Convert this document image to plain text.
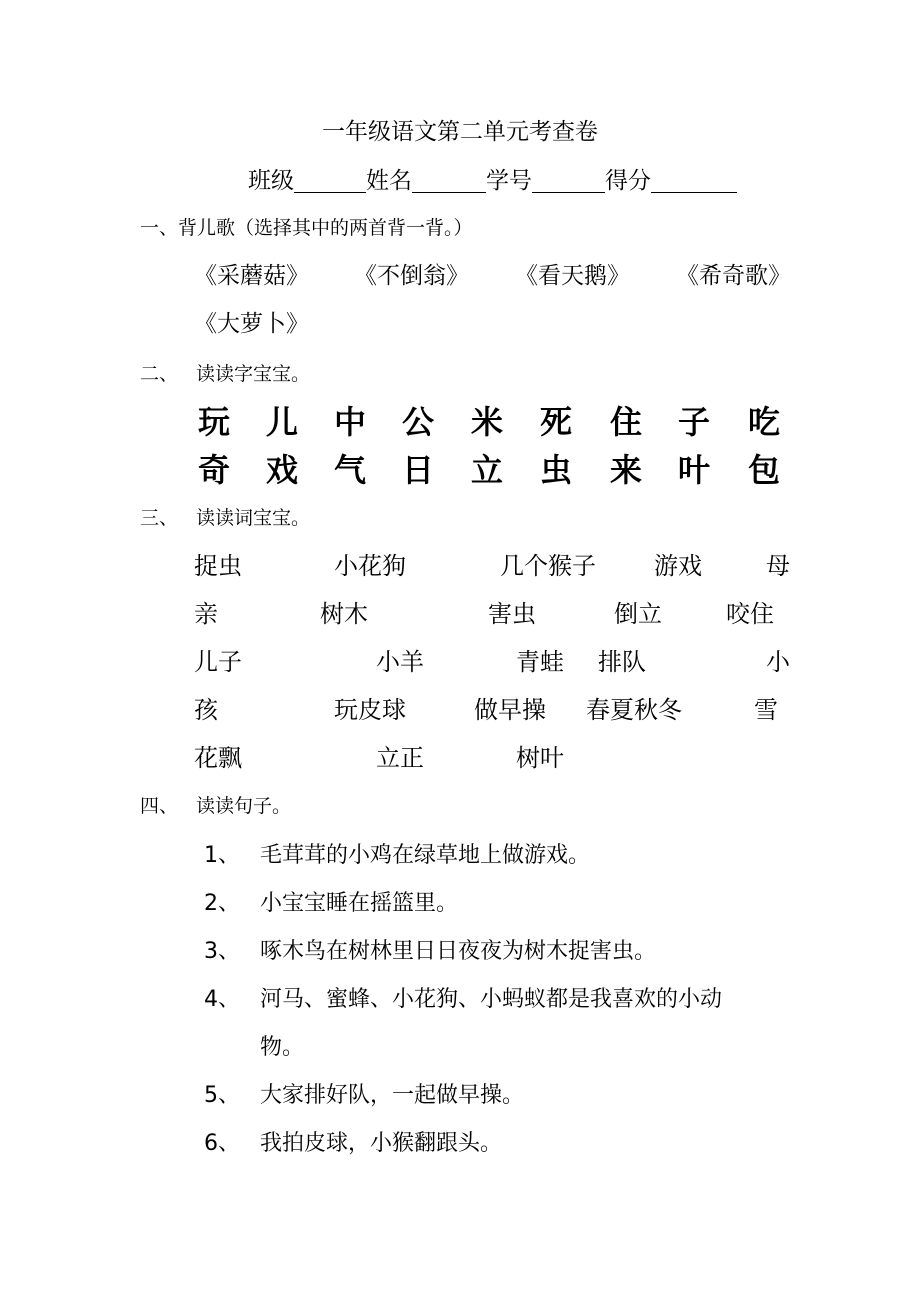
一年级语文第二单元考查卷
班级	姓名	学号	得分
一、背儿歌（选择其中的两首背一背。）
《采蘑菇》 《不倒翁》 《看天鹅》 《希奇歌》
《大萝卜》
二、 读读字宝宝。
玩 儿 中 公 米 死 住 子 吃
奇 戏 气 日 立 虫 来 叶 包
三、 读读词宝宝。
捉虫	小花狗	几个猴子 游戏	母
亲	树木	害虫	倒立	咬住
儿子	小羊	青蛙 排队	小
孩	玩皮球	做早操 春夏秋冬	雪
花飘	立正	树叶
四、 读读句子。
1、 毛茸茸的小鸡在绿草地上做游戏。
2、 小宝宝睡在摇篮里。
3、 啄木鸟在树林里日日夜夜为树木捉害虫。
4、 河马、蜜蜂、小花狗、小蚂蚁都是我喜欢的小动
物。
5、 大家排好队，一起做早操。
6、 我拍皮球，小猴翻跟头。
